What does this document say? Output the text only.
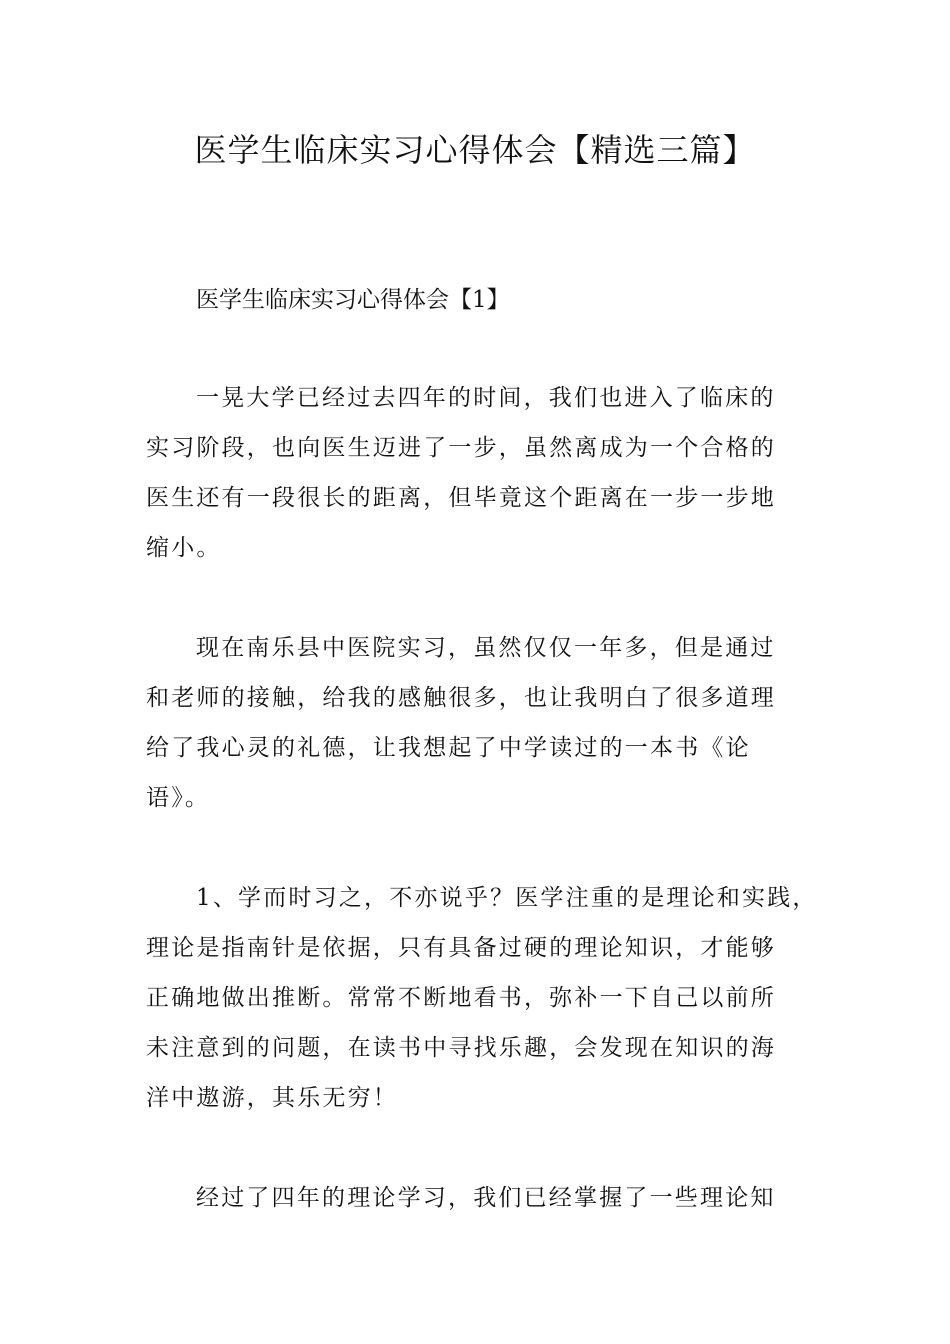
医学生临床实习心得体会【精选三篇】
医学生临床实习心得体会【1】
一晃大学已经过去四年的时间，我们也进入了临床的
实习阶段，也向医生迈进了一步，虽然离成为一个合格的
医生还有一段很长的距离，但毕竟这个距离在一步一步地
缩小。
现在南乐县中医院实习，虽然仅仅一年多，但是通过
和老师的接触，给我的感触很多，也让我明白了很多道理
给了我心灵的礼德，让我想起了中学读过的一本书《论
语》。
1、学而时习之，不亦说乎？医学注重的是理论和实践，
理论是指南针是依据，只有具备过硬的理论知识，才能够
正确地做出推断。常常不断地看书，弥补一下自己以前所
未注意到的问题，在读书中寻找乐趣，会发现在知识的海
洋中遨游，其乐无穷！
经过了四年的理论学习，我们已经掌握了一些理论知
